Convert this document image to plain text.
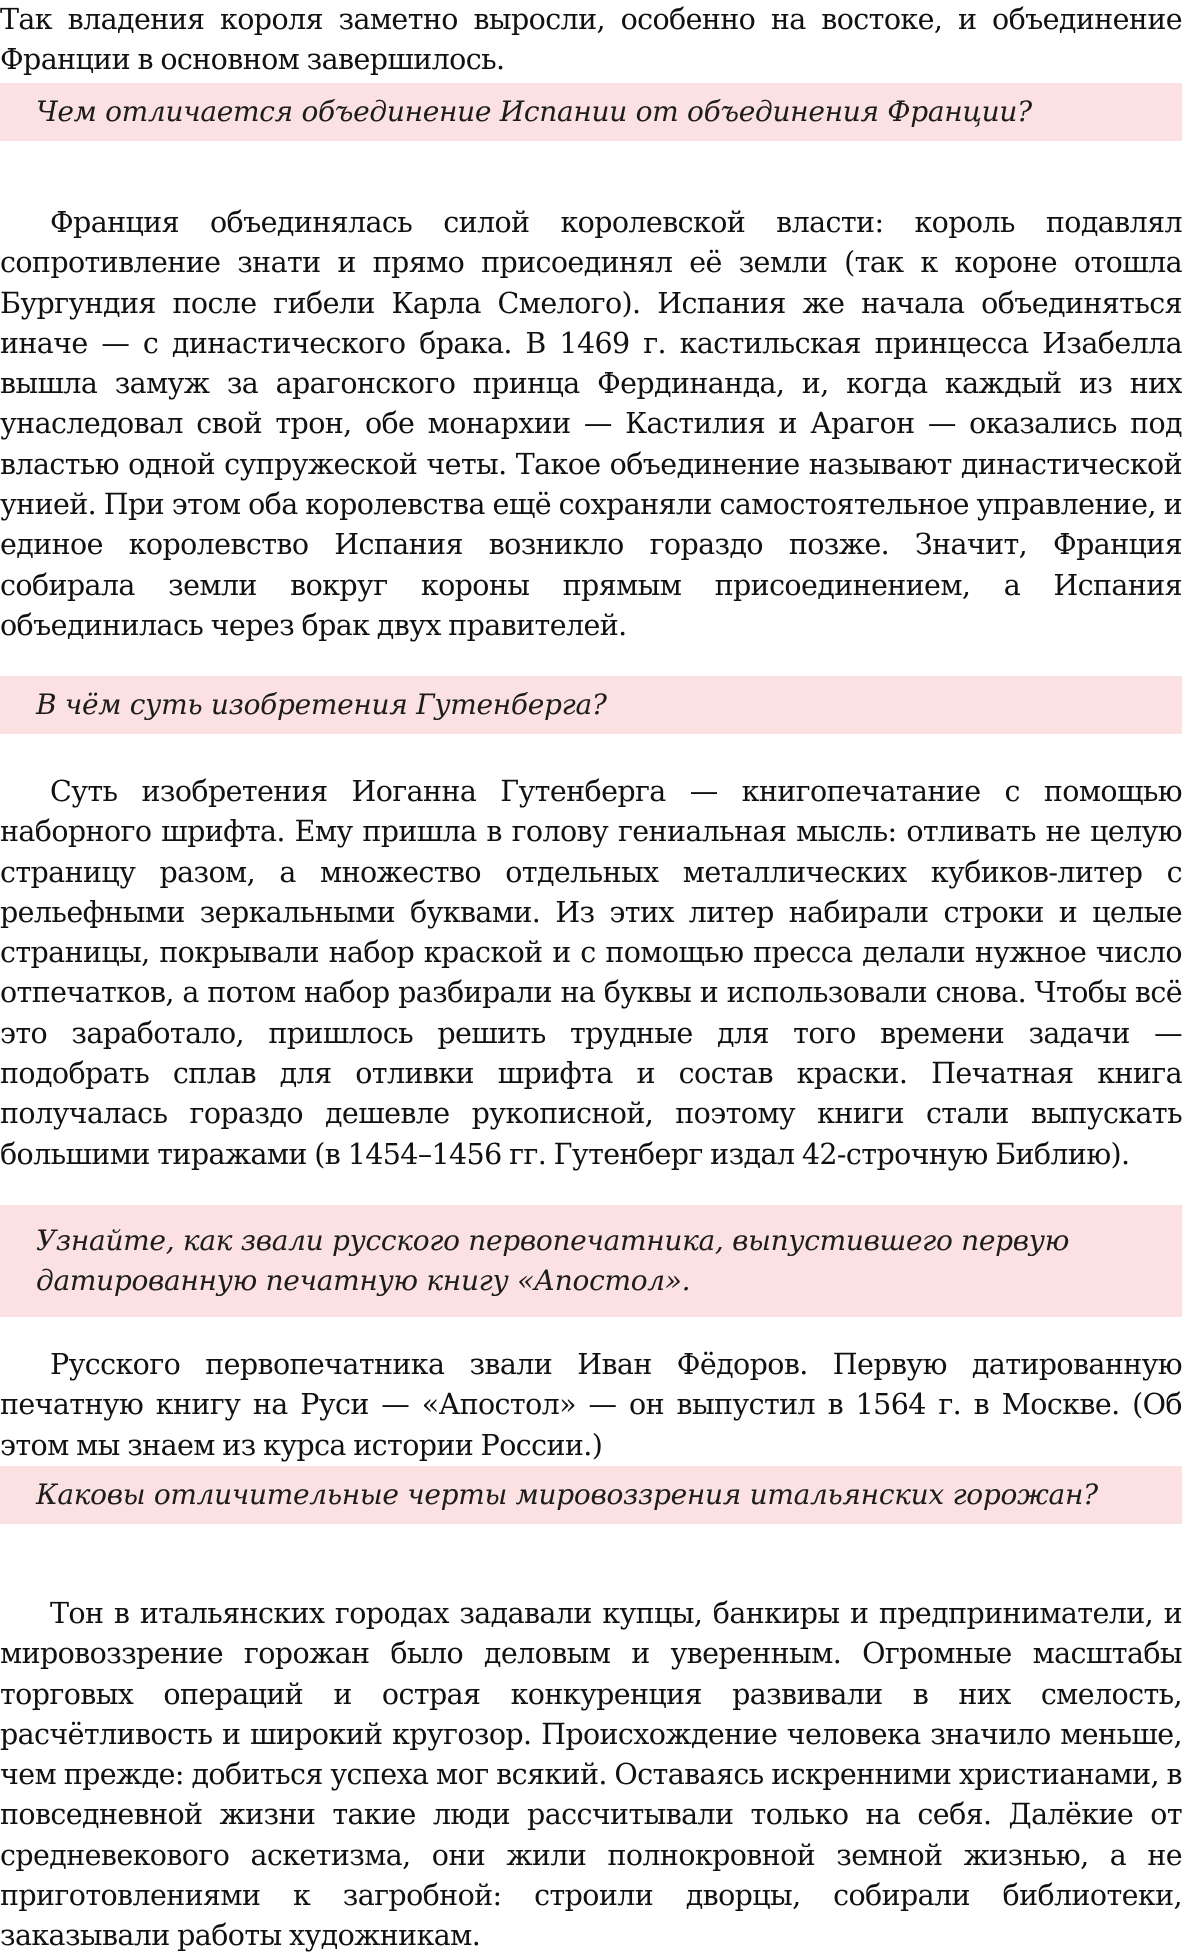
Так владения короля заметно выросли, особенно на востоке, и объединение Франции в основном завершилось.

Чем отличается объединение Испании от объединения Франции?

Франция объединялась силой королевской власти: король подавлял сопротивление знати и прямо присоединял её земли (так к короне отошла Бургундия после гибели Карла Смелого). Испания же начала объединяться иначе — с династического брака. В 1469 г. кастильская принцесса Изабелла вышла замуж за арагонского принца Фердинанда, и, когда каждый из них унаследовал свой трон, обе монархии — Кастилия и Арагон — оказались под властью одной супружеской четы. Такое объединение называют династической унией. При этом оба королевства ещё сохраняли самостоятельное управление, и единое королевство Испания возникло гораздо позже. Значит, Франция собирала земли вокруг короны прямым присоединением, а Испания объединилась через брак двух правителей.

В чём суть изобретения Гутенберга?

Суть изобретения Иоганна Гутенберга — книгопечатание с помощью наборного шрифта. Ему пришла в голову гениальная мысль: отливать не целую страницу разом, а множество отдельных металлических кубиков-литер с рельефными зеркальными буквами. Из этих литер набирали строки и целые страницы, покрывали набор краской и с помощью пресса делали нужное число отпечатков, а потом набор разбирали на буквы и использовали снова. Чтобы всё это заработало, пришлось решить трудные для того времени задачи — подобрать сплав для отливки шрифта и состав краски. Печатная книга получалась гораздо дешевле рукописной, поэтому книги стали выпускать большими тиражами (в 1454–1456 гг. Гутенберг издал 42-строчную Библию).

Узнайте, как звали русского первопечатника, выпустившего первую датированную печатную книгу «Апостол».

Русского первопечатника звали Иван Фёдоров. Первую датированную печатную книгу на Руси — «Апостол» — он выпустил в 1564 г. в Москве. (Об этом мы знаем из курса истории России.)

Каковы отличительные черты мировоззрения итальянских горожан?

Тон в итальянских городах задавали купцы, банкиры и предприниматели, и мировоззрение горожан было деловым и уверенным. Огромные масштабы торговых операций и острая конкуренция развивали в них смелость, расчётливость и широкий кругозор. Происхождение человека значило меньше, чем прежде: добиться успеха мог всякий. Оставаясь искренними христианами, в повседневной жизни такие люди рассчитывали только на себя. Далёкие от средневекового аскетизма, они жили полнокровной земной жизнью, а не приготовлениями к загробной: строили дворцы, собирали библиотеки, заказывали работы художникам.
